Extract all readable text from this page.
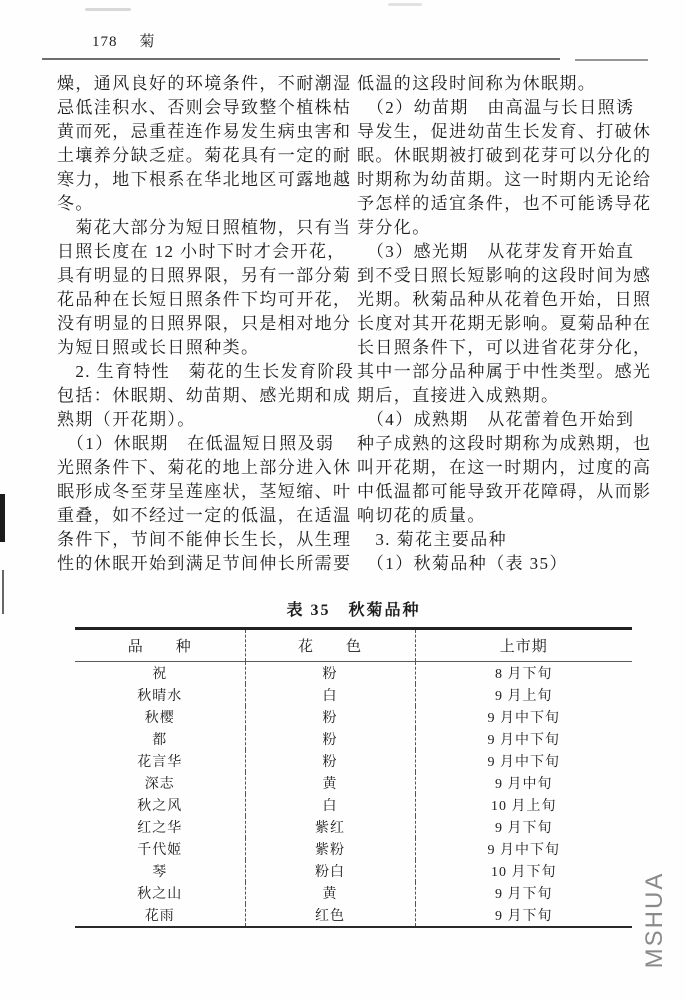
178 菊
燥，通风良好的环境条件，不耐潮湿
忌低洼积水、否则会导致整个植株枯
黄而死，忌重茬连作易发生病虫害和
土壤养分缺乏症。菊花具有一定的耐
寒力，地下根系在华北地区可露地越
冬。
　菊花大部分为短日照植物，只有当
日照长度在 12 小时下时才会开花，
具有明显的日照界限，另有一部分菊
花品种在长短日照条件下均可开花，
没有明显的日照界限，只是相对地分
为短日照或长日照种类。
　2. 生育特性　菊花的生长发育阶段
包括：休眠期、幼苗期、感光期和成
熟期（开花期）。
　（1）休眠期　在低温短日照及弱
光照条件下、菊花的地上部分进入休
眠形成冬至芽呈莲座状，茎短缩、叶
重叠，如不经过一定的低温，在适温
条件下，节间不能伸长生长，从生理
性的休眠开始到满足节间伸长所需要
低温的这段时间称为休眠期。
　（2）幼苗期　由高温与长日照诱
导发生，促进幼苗生长发育、打破休
眠。休眠期被打破到花芽可以分化的
时期称为幼苗期。这一时期内无论给
予怎样的适宜条件，也不可能诱导花
芽分化。
　（3）感光期　从花芽发育开始直
到不受日照长短影响的这段时间为感
光期。秋菊品种从花着色开始，日照
长度对其开花期无影响。夏菊品种在
长日照条件下，可以进省花芽分化，
其中一部分品种属于中性类型。感光
期后，直接进入成熟期。
　（4）成熟期　从花蕾着色开始到
种子成熟的这段时期称为成熟期，也
叫开花期，在这一时期内，过度的高
中低温都可能导致开花障碍，从而影
响切花的质量。
　3. 菊花主要品种
　（1）秋菊品种（表 35）
表 35　秋菊品种
品　　种	花　　色	上市期
祝	粉	8 月下旬
秋晴水	白	9 月上旬
秋樱	粉	9 月中下旬
都	粉	9 月中下旬
花言华	粉	9 月中下旬
深志	黄	9 月中旬
秋之风	白	10 月上旬
红之华	紫红	9 月下旬
千代姬	紫粉	9 月中下旬
琴	粉白	10 月下旬
秋之山	黄	9 月下旬
花雨	红色	9 月下旬	MSHUA
